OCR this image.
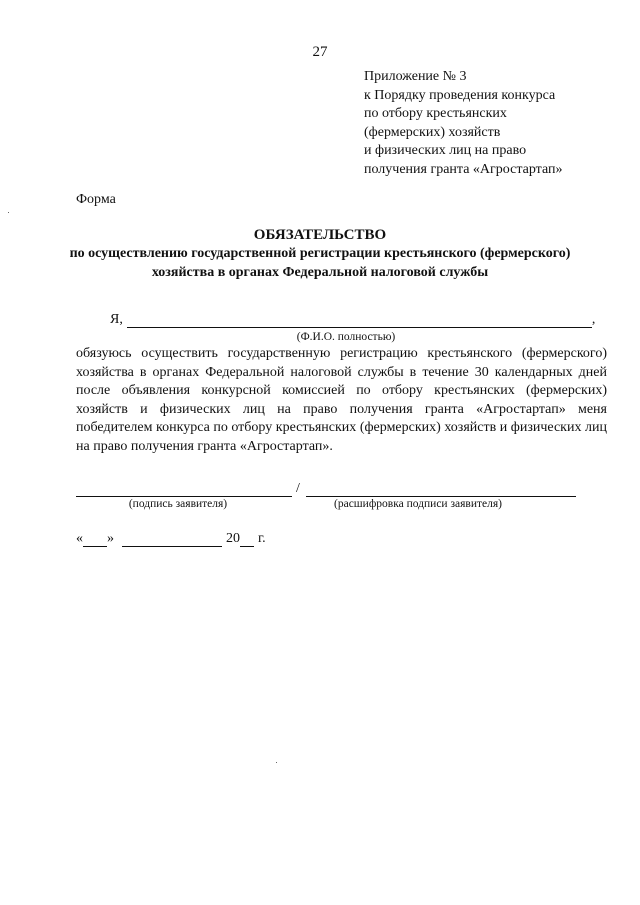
27
Приложение № 3
к Порядку проведения конкурса
по отбору крестьянских
(фермерских) хозяйств
и физических лиц на право
получения гранта «Агростартап»
Форма
ОБЯЗАТЕЛЬСТВО
по осуществлению государственной регистрации крестьянского (фермерского) хозяйства в органах Федеральной налоговой службы
Я,	,
(Ф.И.О. полностью)
обязуюсь осуществить государственную регистрацию крестьянского (фермерского) хозяйства в органах Федеральной налоговой службы в течение 30 календарных дней после объявления конкурсной комиссией по отбору крестьянских (фермерских) хозяйств и физических лиц на право получения гранта «Агростартап» меня победителем конкурса по отбору крестьянских (фермерских) хозяйств и физических лиц на право получения гранта «Агростартап».
/
(подпись заявителя)	(расшифровка подписи заявителя)
« »	20 г.
